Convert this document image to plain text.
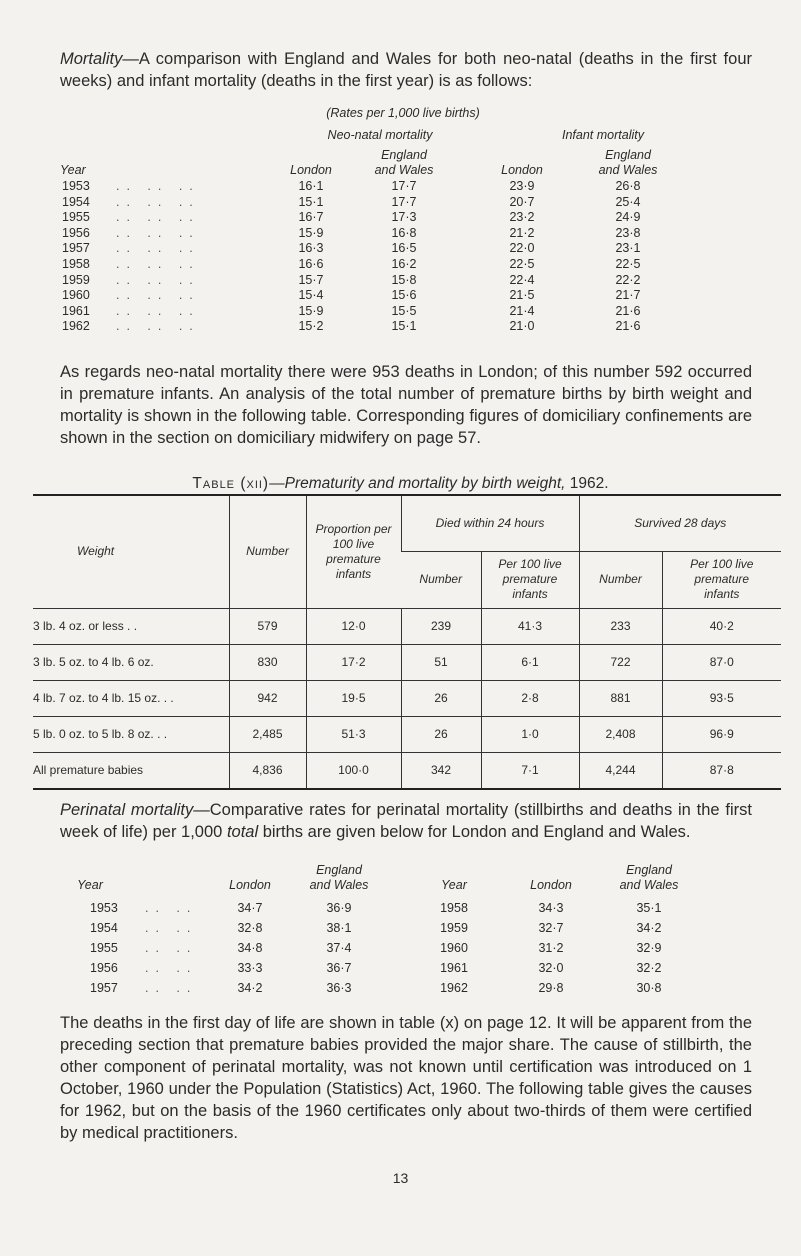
Mortality—A comparison with England and Wales for both neo-natal (deaths in the first four weeks) and infant mortality (deaths in the first year) is as follows:

(Rates per 1,000 live births)
Neo-natal mortality	Infant mortality
Year	London
England
and Wales	London
England
and Wales
1953 .. .. ..	16·1	17·7	23·9	26·8
1954 .. .. ..	15·1	17·7	20·7	25·4
1955 .. .. ..	16·7	17·3	23·2	24·9
1956 .. .. ..	15·9	16·8	21·2	23·8
1957 .. .. ..	16·3	16·5	22·0	23·1
1958 .. .. ..	16·6	16·2	22·5	22·5
1959 .. .. ..	15·7	15·8	22·4	22·2
1960 .. .. ..	15·4	15·6	21·5	21·7
1961 .. .. ..	15·9	15·5	21·4	21·6
1962 .. .. ..	15·2	15·1	21·0	21·6

As regards neo-natal mortality there were 953 deaths in London; of this number 592 occurred in premature infants. An analysis of the total number of premature births by birth weight and mortality is shown in the following table. Corresponding figures of domiciliary confinements are shown in the section on domiciliary midwifery on page 57.

Table (xii)—Prematurity and mortality by birth weight, 1962.
Weight	Number	Proportion per 100 live premature infants	Died within 24 hours		Survived 28 days	
			Number	Per 100 live premature infants	Number	Per 100 live premature infants
3 lb. 4 oz. or less . .	579	12·0	239	41·3	233	40·2
3 lb. 5 oz. to 4 lb. 6 oz.	830	17·2	51	6·1	722	87·0
4 lb. 7 oz. to 4 lb. 15 oz. . .	942	19·5	26	2·8	881	93·5
5 lb. 0 oz. to 5 lb. 8 oz. . .	2,485	51·3	26	1·0	2,408	96·9
All premature babies	4,836	100·0	342	7·1	4,244	87·8

Perinatal mortality—Comparative rates for perinatal mortality (stillbirths and deaths in the first week of life) per 1,000 total births are given below for London and England and Wales.

Year	London
England
and Wales	Year	London
England
and Wales
1953 .. ..	34·7	36·9	1958	34·3	35·1
1954 .. ..	32·8	38·1	1959	32·7	34·2
1955 .. ..	34·8	37·4	1960	31·2	32·9
1956 .. ..	33·3	36·7	1961	32·0	32·2
1957 .. ..	34·2	36·3	1962	29·8	30·8

The deaths in the first day of life are shown in table (x) on page 12. It will be apparent from the preceding section that premature babies provided the major share. The cause of stillbirth, the other component of perinatal mortality, was not known until certification was introduced on 1 October, 1960 under the Population (Statistics) Act, 1960. The following table gives the causes for 1962, but on the basis of the 1960 certificates only about two-thirds of them were certified by medical practitioners.

13
